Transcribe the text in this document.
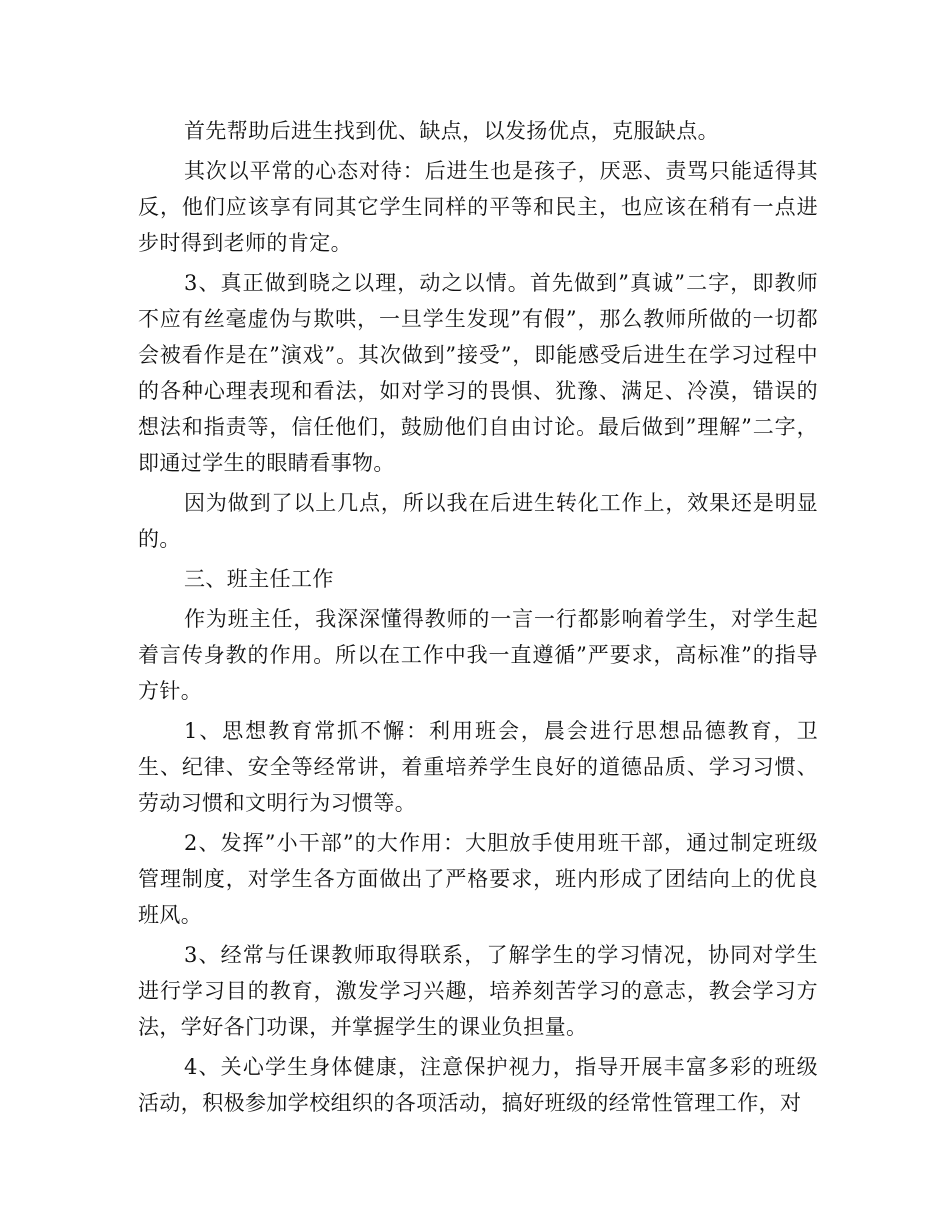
首先帮助后进生找到优、缺点，以发扬优点，克服缺点。

其次以平常的心态对待：后进生也是孩子，厌恶、责骂只能适得其反，他们应该享有同其它学生同样的平等和民主，也应该在稍有一点进步时得到老师的肯定。

3、真正做到晓之以理，动之以情。首先做到”真诚”二字，即教师不应有丝毫虚伪与欺哄，一旦学生发现”有假”，那么教师所做的一切都会被看作是在”演戏”。其次做到”接受”，即能感受后进生在学习过程中的各种心理表现和看法，如对学习的畏惧、犹豫、满足、冷漠，错误的想法和指责等，信任他们，鼓励他们自由讨论。最后做到”理解”二字，即通过学生的眼睛看事物。

因为做到了以上几点，所以我在后进生转化工作上，效果还是明显的。

三、班主任工作

作为班主任，我深深懂得教师的一言一行都影响着学生，对学生起着言传身教的作用。所以在工作中我一直遵循”严要求，高标准”的指导方针。

1、思想教育常抓不懈：利用班会，晨会进行思想品德教育，卫生、纪律、安全等经常讲，着重培养学生良好的道德品质、学习习惯、劳动习惯和文明行为习惯等。

2、发挥”小干部”的大作用：大胆放手使用班干部，通过制定班级管理制度，对学生各方面做出了严格要求，班内形成了团结向上的优良班风。

3、经常与任课教师取得联系，了解学生的学习情况，协同对学生进行学习目的教育，激发学习兴趣，培养刻苦学习的意志，教会学习方法，学好各门功课，并掌握学生的课业负担量。

4、关心学生身体健康，注意保护视力，指导开展丰富多彩的班级活动，积极参加学校组织的各项活动，搞好班级的经常性管理工作，对
